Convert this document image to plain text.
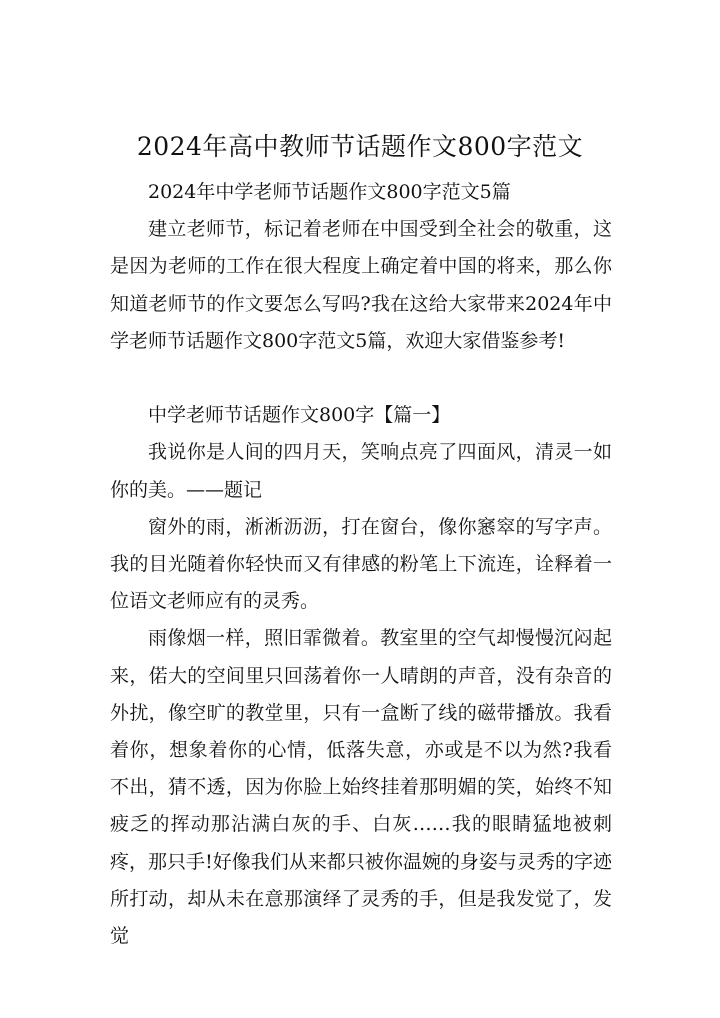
2024年高中教师节话题作文800字范文

2024年中学老师节话题作文800字范文5篇

建立老师节，标记着老师在中国受到全社会的敬重，这是因为老师的工作在很大程度上确定着中国的将来，那么你知道老师节的作文要怎么写吗?我在这给大家带来2024年中学老师节话题作文800字范文5篇，欢迎大家借鉴参考!

中学老师节话题作文800字【篇一】

我说你是人间的四月天，笑响点亮了四面风，清灵一如你的美。——题记

窗外的雨，淅淅沥沥，打在窗台，像你窸窣的写字声。我的目光随着你轻快而又有律感的粉笔上下流连，诠释着一位语文老师应有的灵秀。

雨像烟一样，照旧霏微着。教室里的空气却慢慢沉闷起来，偌大的空间里只回荡着你一人晴朗的声音，没有杂音的外扰，像空旷的教堂里，只有一盒断了线的磁带播放。我看着你，想象着你的心情，低落失意，亦或是不以为然?我看不出，猜不透，因为你脸上始终挂着那明媚的笑，始终不知疲乏的挥动那沾满白灰的手、白灰……我的眼睛猛地被刺疼，那只手!好像我们从来都只被你温婉的身姿与灵秀的字迹所打动，却从未在意那演绎了灵秀的手，但是我发觉了，发觉
